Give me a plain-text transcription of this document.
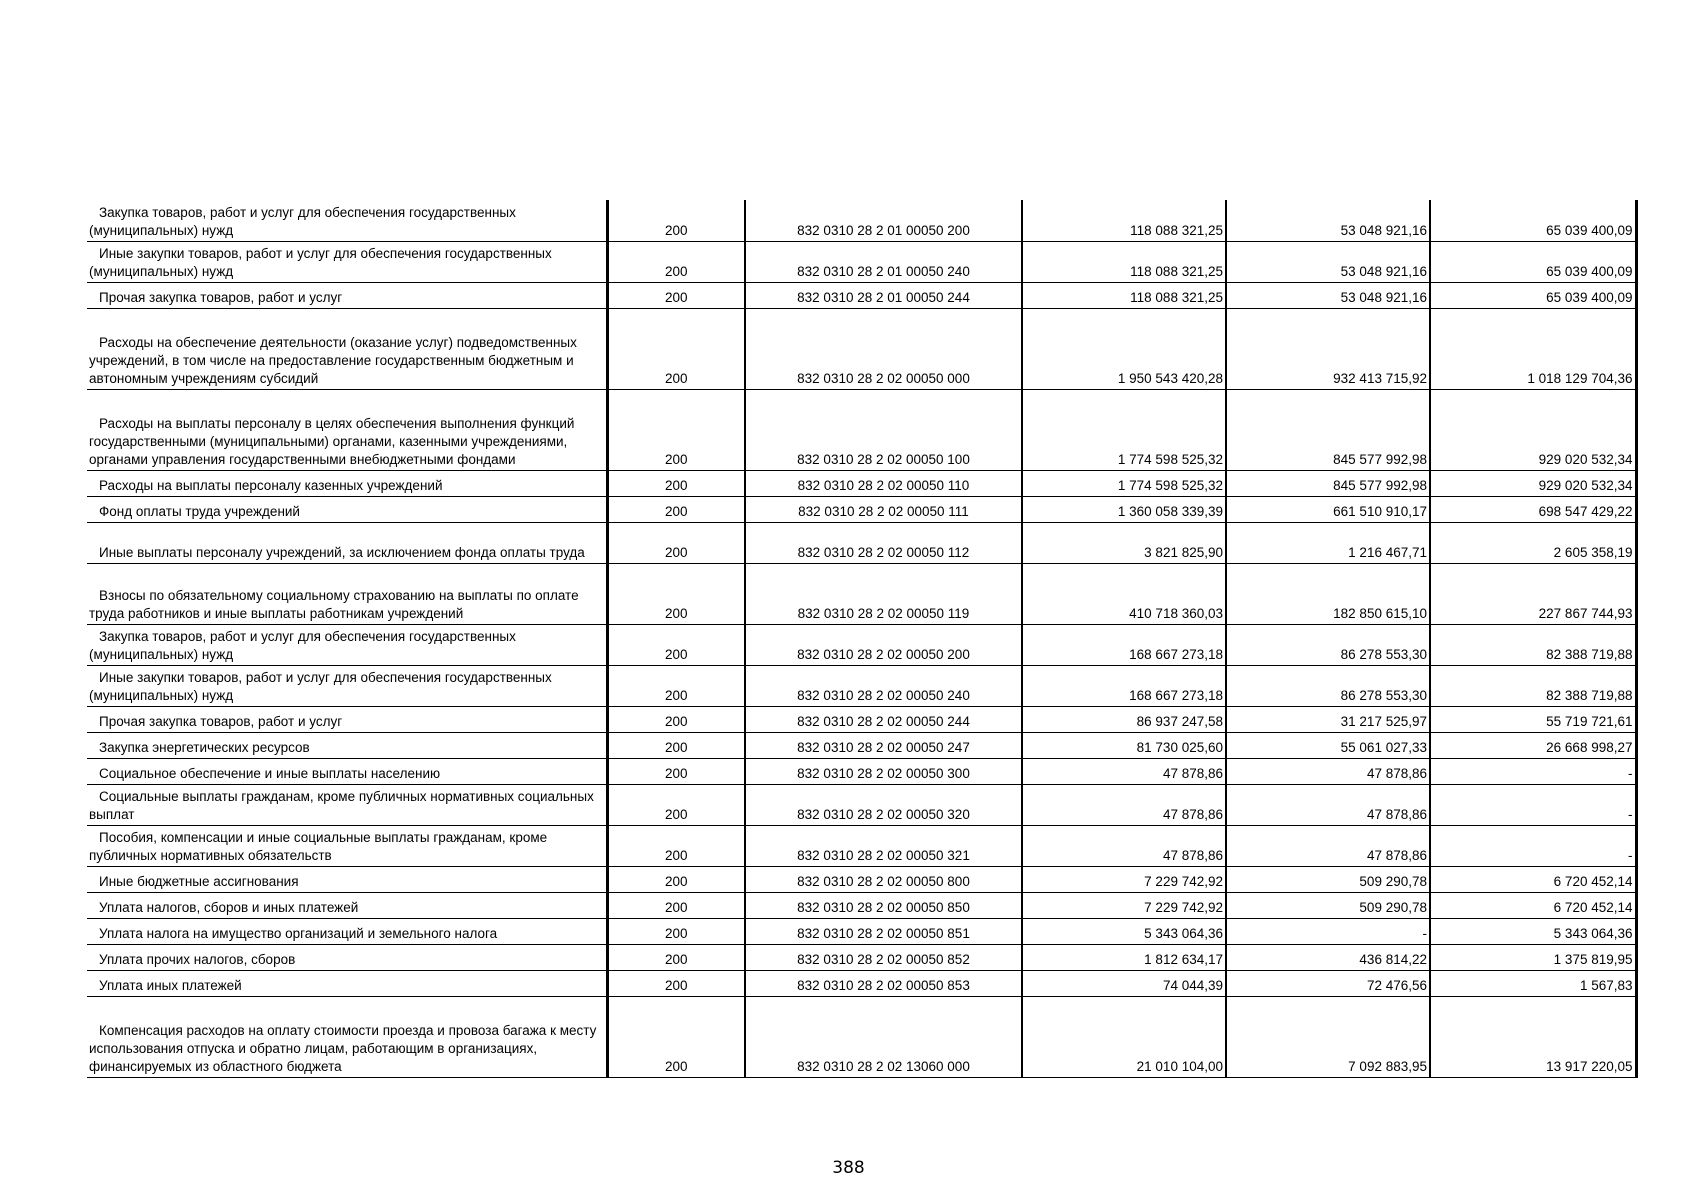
Закупка товаров, работ и услуг для обеспечения государственных (муниципальных) нужд	200	832 0310 28 2 01 00050 200	118 088 321,25	53 048 921,16	65 039 400,09
Иные закупки товаров, работ и услуг для обеспечения государственных (муниципальных) нужд	200	832 0310 28 2 01 00050 240	118 088 321,25	53 048 921,16	65 039 400,09
Прочая закупка товаров, работ и услуг	200	832 0310 28 2 01 00050 244	118 088 321,25	53 048 921,16	65 039 400,09
Расходы на обеспечение деятельности (оказание услуг) подведомственных учреждений, в том числе на предоставление государственным бюджетным и автономным учреждениям субсидий	200	832 0310 28 2 02 00050 000	1 950 543 420,28	932 413 715,92	1 018 129 704,36
Расходы на выплаты персоналу в целях обеспечения выполнения функций государственными (муниципальными) органами, казенными учреждениями, органами управления государственными внебюджетными фондами	200	832 0310 28 2 02 00050 100	1 774 598 525,32	845 577 992,98	929 020 532,34
Расходы на выплаты персоналу казенных учреждений	200	832 0310 28 2 02 00050 110	1 774 598 525,32	845 577 992,98	929 020 532,34
Фонд оплаты труда учреждений	200	832 0310 28 2 02 00050 111	1 360 058 339,39	661 510 910,17	698 547 429,22
Иные выплаты персоналу учреждений, за исключением фонда оплаты труда	200	832 0310 28 2 02 00050 112	3 821 825,90	1 216 467,71	2 605 358,19
Взносы по обязательному социальному страхованию на выплаты по оплате труда работников и иные выплаты работникам учреждений	200	832 0310 28 2 02 00050 119	410 718 360,03	182 850 615,10	227 867 744,93
Закупка товаров, работ и услуг для обеспечения государственных (муниципальных) нужд	200	832 0310 28 2 02 00050 200	168 667 273,18	86 278 553,30	82 388 719,88
Иные закупки товаров, работ и услуг для обеспечения государственных (муниципальных) нужд	200	832 0310 28 2 02 00050 240	168 667 273,18	86 278 553,30	82 388 719,88
Прочая закупка товаров, работ и услуг	200	832 0310 28 2 02 00050 244	86 937 247,58	31 217 525,97	55 719 721,61
Закупка энергетических ресурсов	200	832 0310 28 2 02 00050 247	81 730 025,60	55 061 027,33	26 668 998,27
Социальное обеспечение и иные выплаты населению	200	832 0310 28 2 02 00050 300	47 878,86	47 878,86	-
Социальные выплаты гражданам, кроме публичных нормативных социальных выплат	200	832 0310 28 2 02 00050 320	47 878,86	47 878,86	-
Пособия, компенсации и иные социальные выплаты гражданам, кроме публичных нормативных обязательств	200	832 0310 28 2 02 00050 321	47 878,86	47 878,86	-
Иные бюджетные ассигнования	200	832 0310 28 2 02 00050 800	7 229 742,92	509 290,78	6 720 452,14
Уплата налогов, сборов и иных платежей	200	832 0310 28 2 02 00050 850	7 229 742,92	509 290,78	6 720 452,14
Уплата налога на имущество организаций и земельного налога	200	832 0310 28 2 02 00050 851	5 343 064,36	-	5 343 064,36
Уплата прочих налогов, сборов	200	832 0310 28 2 02 00050 852	1 812 634,17	436 814,22	1 375 819,95
Уплата иных платежей	200	832 0310 28 2 02 00050 853	74 044,39	72 476,56	1 567,83
Компенсация расходов на оплату стоимости проезда и провоза багажа к месту использования отпуска и обратно лицам, работающим в организациях, финансируемых из областного бюджета	200	832 0310 28 2 02 13060 000	21 010 104,00	7 092 883,95	13 917 220,05
388
